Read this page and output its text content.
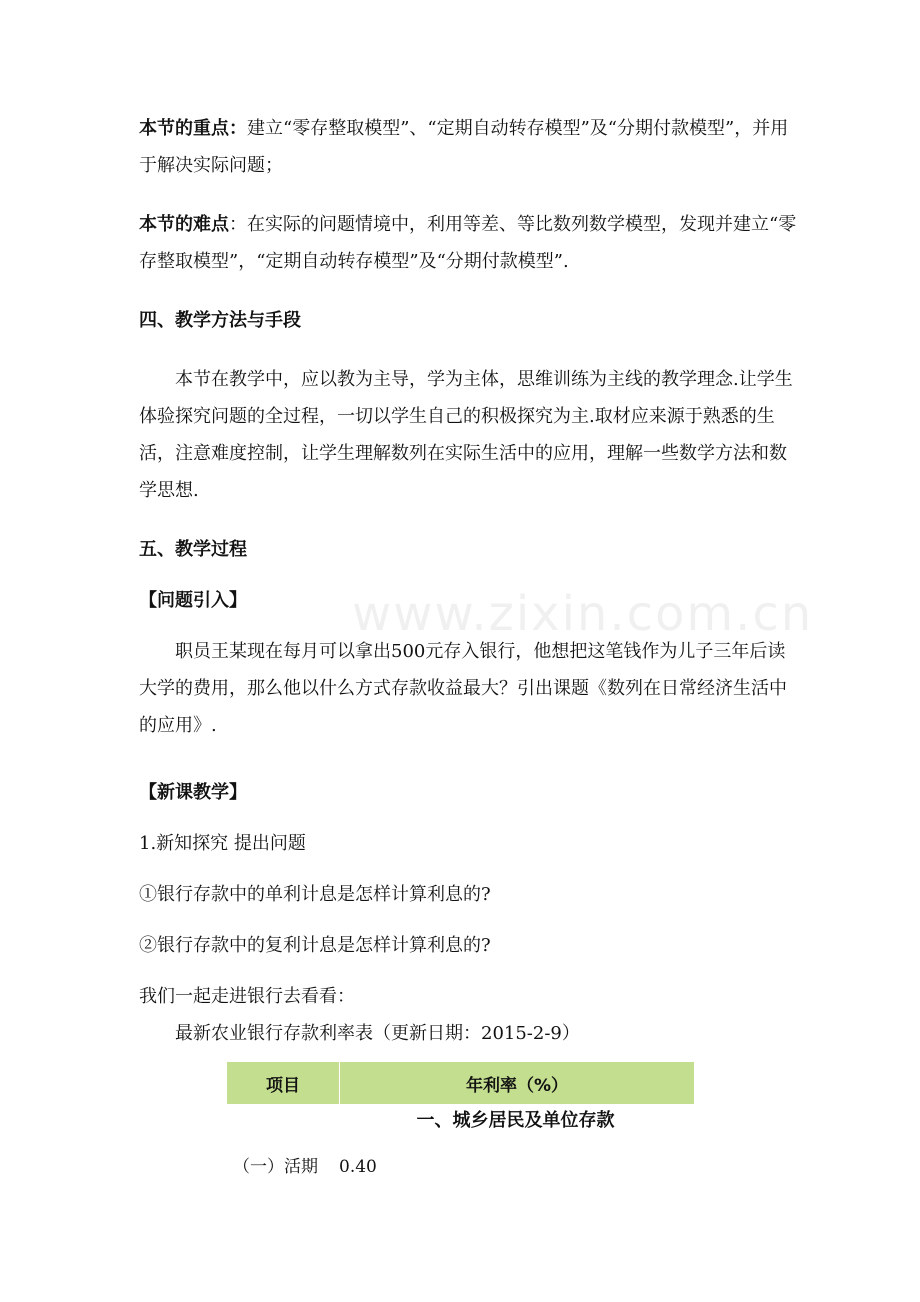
www.zixin.com.cn

本节的重点：建立“零存整取模型”、“定期自动转存模型”及“分期付款模型”，并用于解决实际问题；

本节的难点：在实际的问题情境中，利用等差、等比数列数学模型，发现并建立“零存整取模型”，“定期自动转存模型”及“分期付款模型”.

四、教学方法与手段

本节在教学中，应以教为主导，学为主体，思维训练为主线的教学理念.让学生体验探究问题的全过程，一切以学生自己的积极探究为主.取材应来源于熟悉的生活，注意难度控制，让学生理解数列在实际生活中的应用，理解一些数学方法和数学思想.

五、教学过程

【问题引入】

职员王某现在每月可以拿出500元存入银行，他想把这笔钱作为儿子三年后读大学的费用，那么他以什么方式存款收益最大？引出课题《数列在日常经济生活中的应用》.

【新课教学】

1.新知探究 提出问题

①银行存款中的单利计息是怎样计算利息的?

②银行存款中的复利计息是怎样计算利息的?

我们一起走进银行去看看：

最新农业银行存款利率表（更新日期：2015-2-9）

项目	年利率（%）
一、城乡居民及单位存款
（一）活期	0.40
